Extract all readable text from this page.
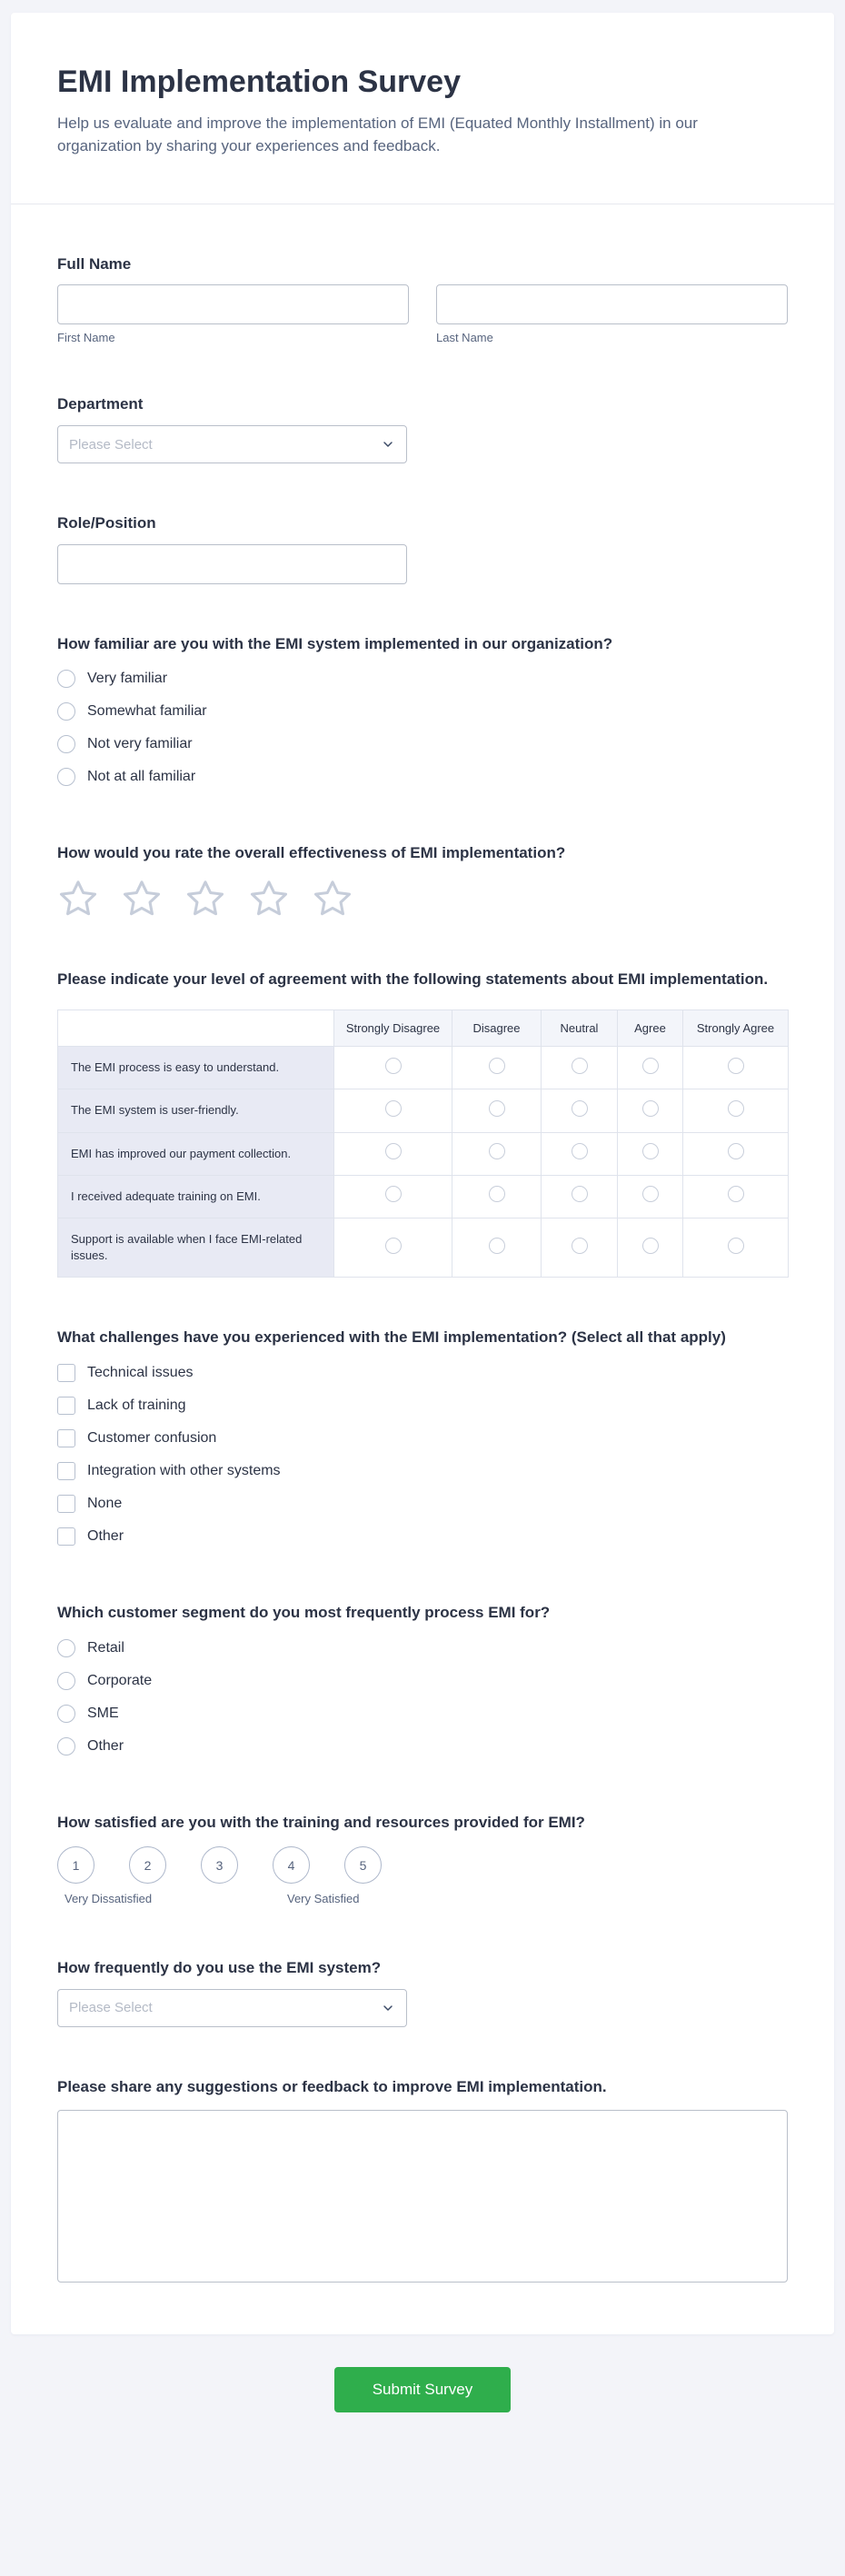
EMI Implementation Survey

Help us evaluate and improve the implementation of EMI (Equated Monthly Installment) in our organization by sharing your experiences and feedback.

Full Name
First Name	Last Name
Department
Please Select
Role/Position
How familiar are you with the EMI system implemented in our organization?
Very familiar
Somewhat familiar
Not very familiar
Not at all familiar
How would you rate the overall effectiveness of EMI implementation?
Please indicate your level of agreement with the following statements about EMI implementation.
	Strongly Disagree	Disagree	Neutral	Agree	Strongly Agree
The EMI process is easy to understand.					
The EMI system is user-friendly.					
EMI has improved our payment collection.					
I received adequate training on EMI.					
Support is available when I face EMI-related issues.					
What challenges have you experienced with the EMI implementation? (Select all that apply)
Technical issues
Lack of training
Customer confusion
Integration with other systems
None
Other
Which customer segment do you most frequently process EMI for?
Retail
Corporate
SME
Other
How satisfied are you with the training and resources provided for EMI?
1	2	3	4	5
Very Dissatisfied	Very Satisfied
How frequently do you use the EMI system?
Please Select
Please share any suggestions or feedback to improve EMI implementation.
Submit Survey
